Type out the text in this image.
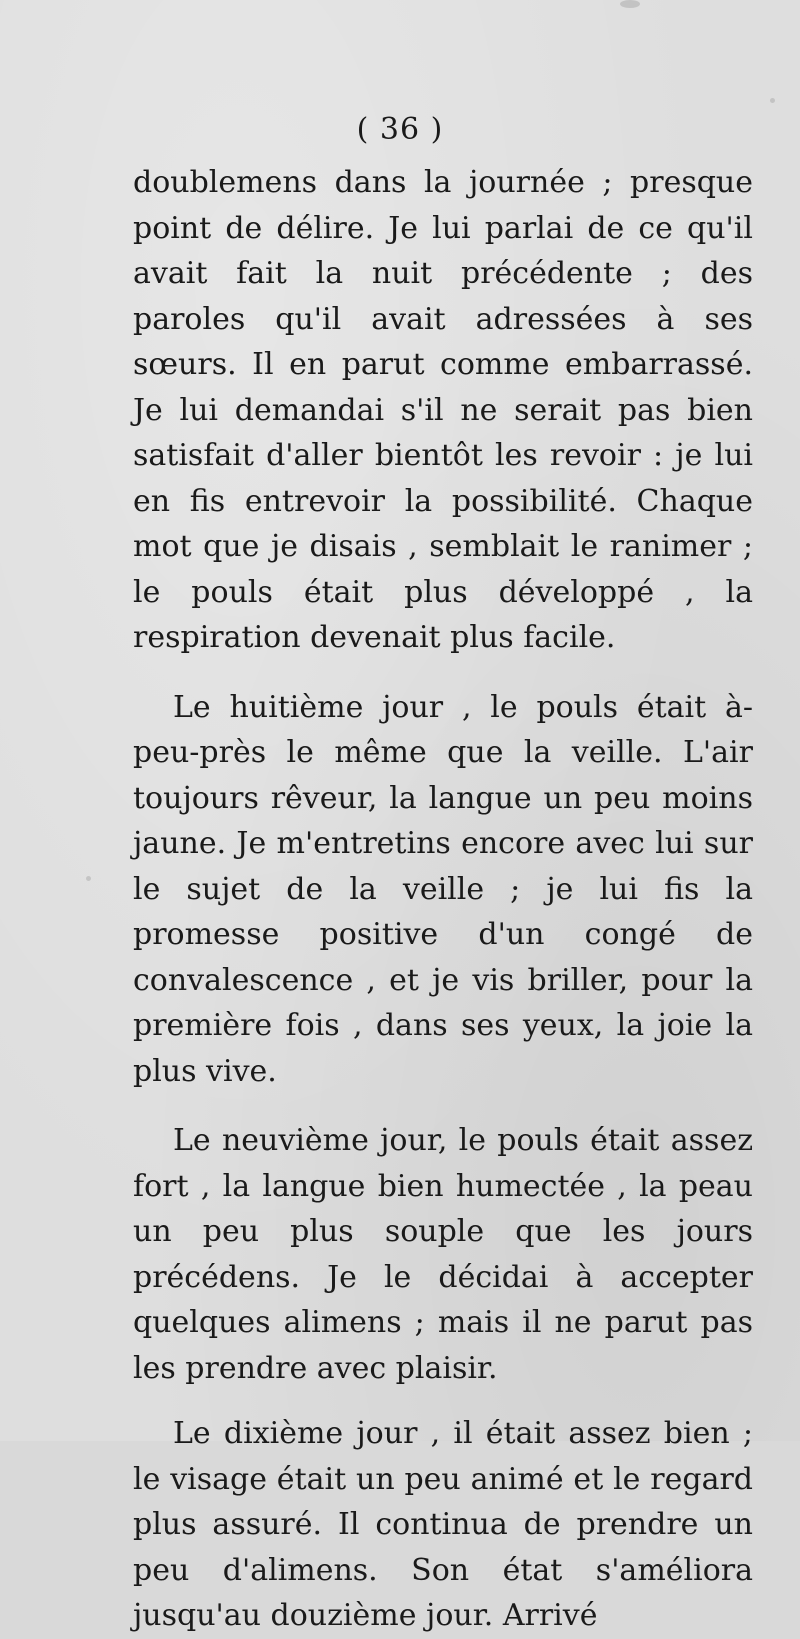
( 36 )

doublemens dans la journée ; presque point de délire. Je lui parlai de ce qu'il avait fait la nuit précédente ; des paroles qu'il avait adressées à ses sœurs. Il en parut comme embarrassé. Je lui demandai s'il ne serait pas bien satisfait d'aller bientôt les revoir : je lui en fis entrevoir la possibilité. Chaque mot que je disais , semblait le ranimer ; le pouls était plus développé , la respiration devenait plus facile.

Le huitième jour , le pouls était à-peu-près le même que la veille. L'air toujours rêveur, la langue un peu moins jaune. Je m'entretins encore avec lui sur le sujet de la veille ; je lui fis la promesse positive d'un congé de convalescence , et je vis briller, pour la première fois , dans ses yeux, la joie la plus vive.

Le neuvième jour, le pouls était assez fort , la langue bien humectée , la peau un peu plus souple que les jours précédens. Je le décidai à accepter quelques alimens ; mais il ne parut pas les prendre avec plaisir.

Le dixième jour , il était assez bien ; le visage était un peu animé et le regard plus assuré. Il continua de prendre un peu d'alimens. Son état s'améliora jusqu'au douzième jour. Arrivé
